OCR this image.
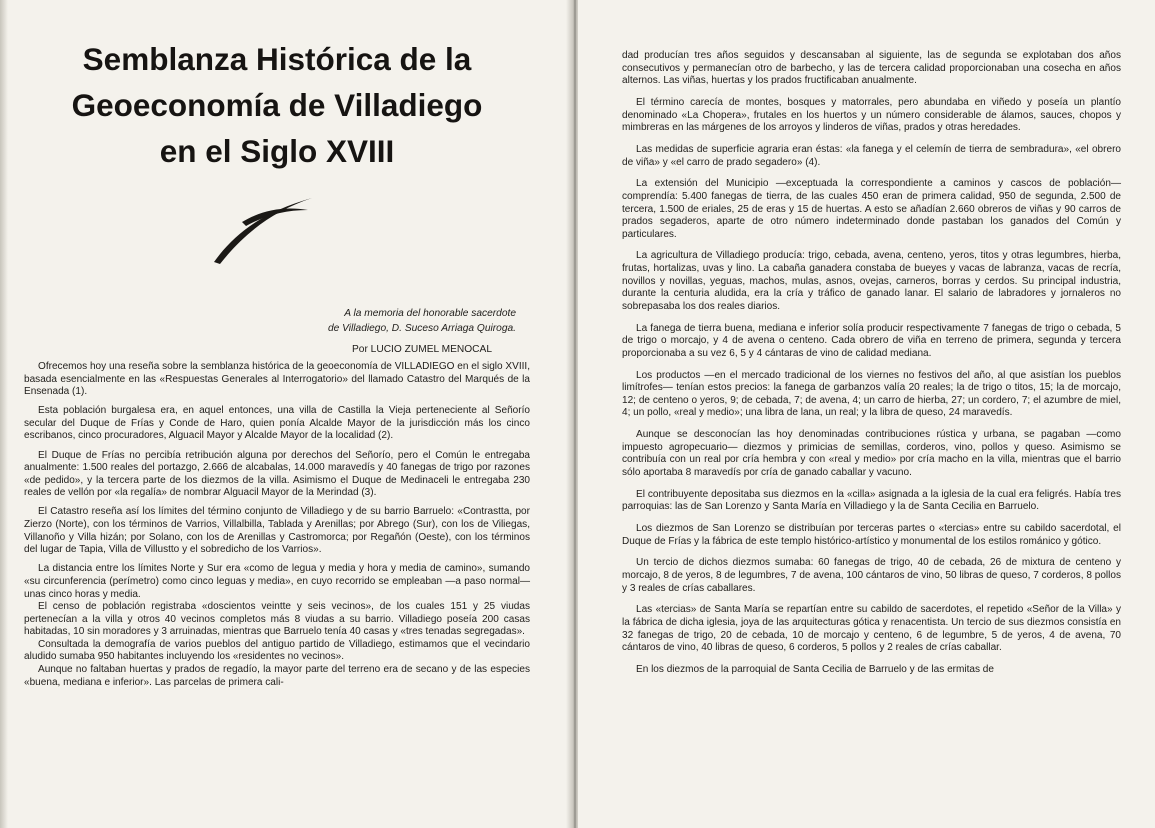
Semblanza Histórica de la
Geoeconomía de Villadiego
en el Siglo XVIII
A la memoria del honorable sacerdote
de Villadiego, D. Suceso Arriaga Quiroga.
Por LUCIO ZUMEL MENOCAL

Ofrecemos hoy una reseña sobre la semblanza histórica de la geoeconomía de VILLADIEGO en el siglo XVIII, basada esencialmente en las «Respuestas Generales al Interrogatorio» del llamado Catastro del Marqués de la Ensenada (1).

Esta población burgalesa era, en aquel entonces, una villa de Castilla la Vieja perteneciente al Señorío secular del Duque de Frías y Conde de Haro, quien ponía Alcalde Mayor de la jurisdicción más los cinco escribanos, cinco procuradores, Alguacil Mayor y Alcalde Mayor de la localidad (2).

El Duque de Frías no percibía retribución alguna por derechos del Señorío, pero el Común le entregaba anualmente: 1.500 reales del portazgo, 2.666 de alcabalas, 14.000 maravedís y 40 fanegas de trigo por razones «de pedido», y la tercera parte de los diezmos de la villa. Asimismo el Duque de Medinaceli le entregaba 230 reales de vellón por «la regalía» de nombrar Alguacil Mayor de la Merindad (3).

El Catastro reseña así los límites del término conjunto de Villadiego y de su barrio Barruelo: «Contrastta, por Zierzo (Norte), con los términos de Varrios, Villalbilla, Tablada y Arenillas; por Abrego (Sur), con los de Viliegas, Villanoño y Villa hizán; por Solano, con los de Arenillas y Castromorca; por Regañón (Oeste), con los términos del lugar de Tapia, Villa de Villustto y el sobredicho de los Varrios».

La distancia entre los límites Norte y Sur era «como de legua y media y hora y media de camino», sumando «su circunferencia (perímetro) como cinco leguas y media», en cuyo recorrido se empleaban —a paso normal— unas cinco horas y media.

El censo de población registraba «doscientos veintte y seis vecinos», de los cuales 151 y 25 viudas pertenecían a la villa y otros 40 vecinos completos más 8 viudas a su barrio. Villadiego poseía 200 casas habitadas, 10 sin moradores y 3 arruinadas, mientras que Barruelo tenía 40 casas y «tres tenadas segregadas».

Consultada la demografía de varios pueblos del antiguo partido de Villadiego, estimamos que el vecindario aludido sumaba 950 habitantes incluyendo los «residentes no vecinos».

Aunque no faltaban huertas y prados de regadío, la mayor parte del terreno era de secano y de las especies «buena, mediana e inferior». Las parcelas de primera cali-

dad producían tres años seguidos y descansaban al siguiente, las de segunda se explotaban dos años consecutivos y permanecían otro de barbecho, y las de tercera calidad proporcionaban una cosecha en años alternos. Las viñas, huertas y los prados fructificaban anualmente.

El término carecía de montes, bosques y matorrales, pero abundaba en viñedo y poseía un plantío denominado «La Chopera», frutales en los huertos y un número considerable de álamos, sauces, chopos y mimbreras en las márgenes de los arroyos y linderos de viñas, prados y otras heredades.

Las medidas de superficie agraria eran éstas: «la fanega y el celemín de tierra de sembradura», «el obrero de viña» y «el carro de prado segadero» (4).

La extensión del Municipio —exceptuada la correspondiente a caminos y cascos de población— comprendía: 5.400 fanegas de tierra, de las cuales 450 eran de primera calidad, 950 de segunda, 2.500 de tercera, 1.500 de eriales, 25 de eras y 15 de huertas. A esto se añadían 2.660 obreros de viñas y 90 carros de prados segaderos, aparte de otro número indeterminado donde pastaban los ganados del Común y particulares.

La agricultura de Villadiego producía: trigo, cebada, avena, centeno, yeros, titos y otras legumbres, hierba, frutas, hortalizas, uvas y lino. La cabaña ganadera constaba de bueyes y vacas de labranza, vacas de recría, novillos y novillas, yeguas, machos, mulas, asnos, ovejas, carneros, borras y cerdos. Su principal industria, durante la centuria aludida, era la cría y tráfico de ganado lanar. El salario de labradores y jornaleros no sobrepasaba los dos reales diarios.

La fanega de tierra buena, mediana e inferior solía producir respectivamente 7 fanegas de trigo o cebada, 5 de trigo o morcajo, y 4 de avena o centeno. Cada obrero de viña en terreno de primera, segunda y tercera proporcionaba a su vez 6, 5 y 4 cántaras de vino de calidad mediana.

Los productos —en el mercado tradicional de los viernes no festivos del año, al que asistían los pueblos limítrofes— tenían estos precios: la fanega de garbanzos valía 20 reales; la de trigo o titos, 15; la de morcajo, 12; de centeno o yeros, 9; de cebada, 7; de avena, 4; un carro de hierba, 27; un cordero, 7; el azumbre de miel, 4; un pollo, «real y medio»; una libra de lana, un real; y la libra de queso, 24 maravedís.

Aunque se desconocían las hoy denominadas contribuciones rústica y urbana, se pagaban —como impuesto agropecuario— diezmos y primicias de semillas, corderos, vino, pollos y queso. Asimismo se contribuía con un real por cría hembra y con «real y medio» por cría macho en la villa, mientras que el barrio sólo aportaba 8 maravedís por cría de ganado caballar y vacuno.

El contribuyente depositaba sus diezmos en la «cilla» asignada a la iglesia de la cual era feligrés. Había tres parroquias: las de San Lorenzo y Santa María en Villadiego y la de Santa Cecilia en Barruelo.

Los diezmos de San Lorenzo se distribuían por terceras partes o «tercias» entre su cabildo sacerdotal, el Duque de Frías y la fábrica de este templo histórico-artístico y monumental de los estilos románico y gótico.

Un tercio de dichos diezmos sumaba: 60 fanegas de trigo, 40 de cebada, 26 de mixtura de centeno y morcajo, 8 de yeros, 8 de legumbres, 7 de avena, 100 cántaros de vino, 50 libras de queso, 7 corderos, 8 pollos y 3 reales de crías caballares.

Las «tercias» de Santa María se repartían entre su cabildo de sacerdotes, el repetido «Señor de la Villa» y la fábrica de dicha iglesia, joya de las arquitecturas gótica y renacentista. Un tercio de sus diezmos consistía en 32 fanegas de trigo, 20 de cebada, 10 de morcajo y centeno, 6 de legumbre, 5 de yeros, 4 de avena, 70 cántaros de vino, 40 libras de queso, 6 corderos, 5 pollos y 2 reales de crías caballar.

En los diezmos de la parroquial de Santa Cecilia de Barruelo y de las ermitas de
